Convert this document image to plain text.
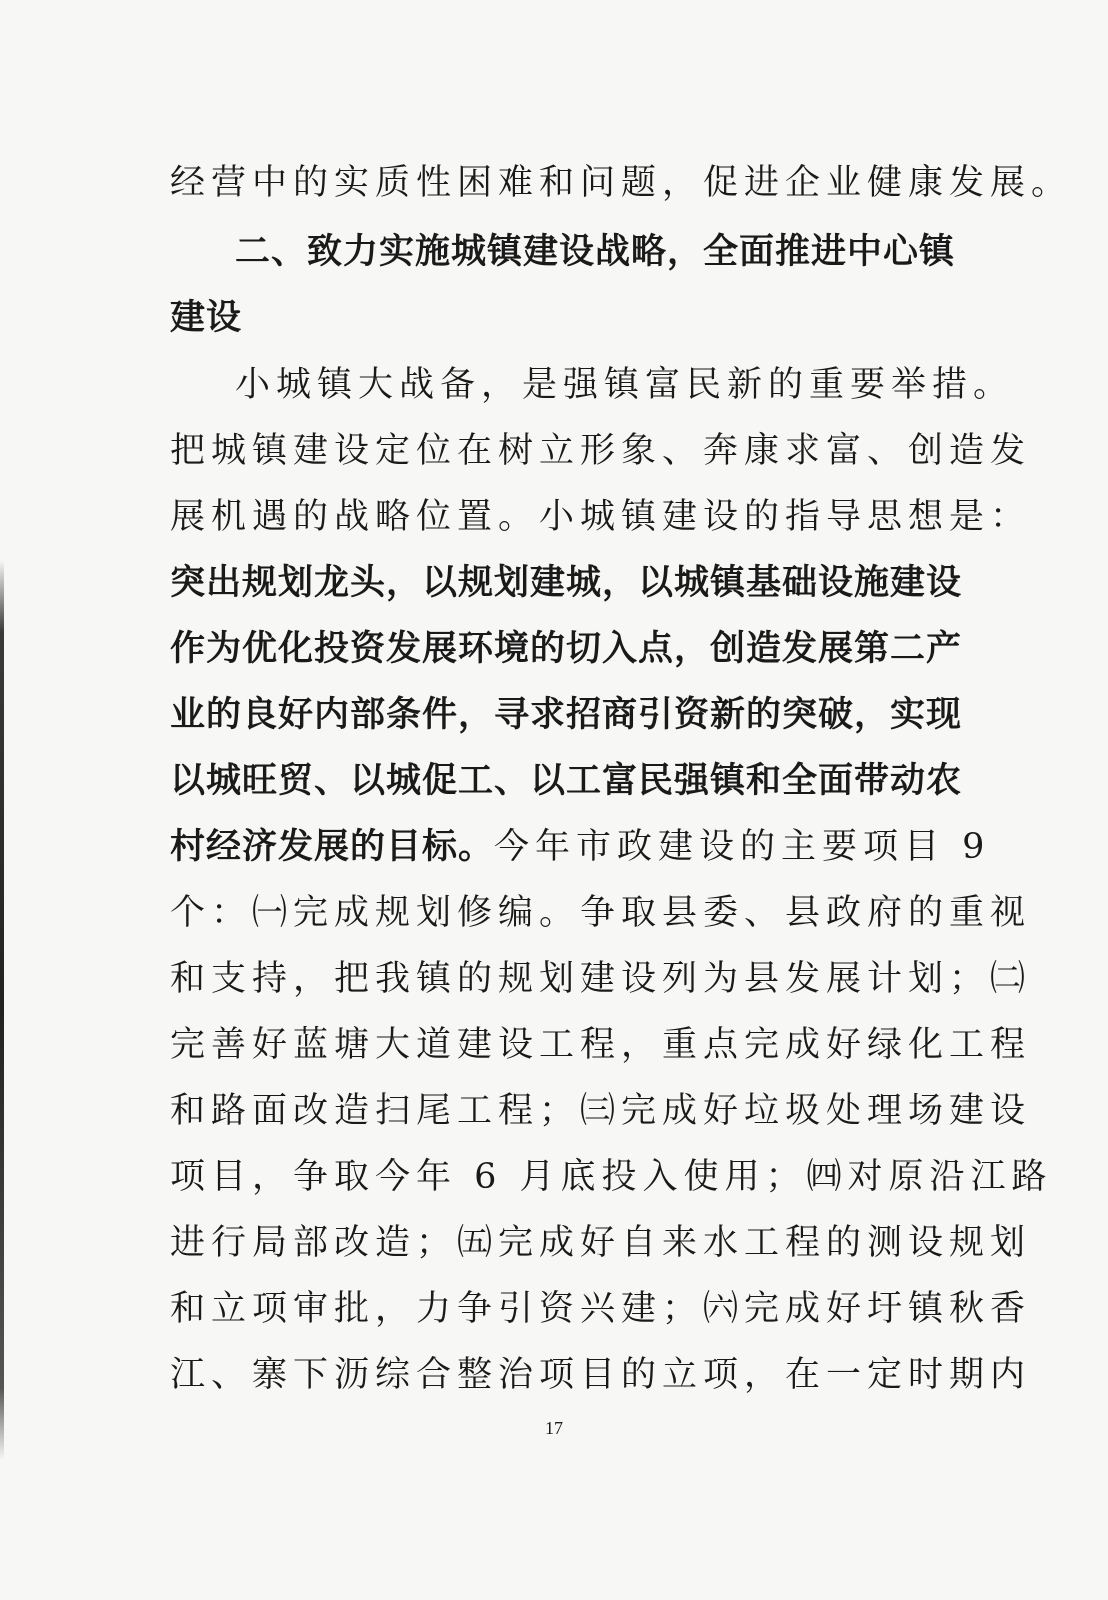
经营中的实质性困难和问题，促进企业健康发展。
二、致力实施城镇建设战略，全面推进中心镇
建设
小城镇大战备，是强镇富民新的重要举措。
把城镇建设定位在树立形象、奔康求富、创造发
展机遇的战略位置。小城镇建设的指导思想是：
突出规划龙头，以规划建城，以城镇基础设施建设
作为优化投资发展环境的切入点，创造发展第二产
业的良好内部条件，寻求招商引资新的突破，实现
以城旺贸、以城促工、以工富民强镇和全面带动农
村经济发展的目标。今年市政建设的主要项目 9
个：㈠完成规划修编。争取县委、县政府的重视
和支持，把我镇的规划建设列为县发展计划；㈡
完善好蓝塘大道建设工程，重点完成好绿化工程
和路面改造扫尾工程；㈢完成好垃圾处理场建设
项目，争取今年 6 月底投入使用；㈣对原沿江路
进行局部改造；㈤完成好自来水工程的测设规划
和立项审批，力争引资兴建；㈥完成好圩镇秋香
江、寨下沥综合整治项目的立项，在一定时期内
17
